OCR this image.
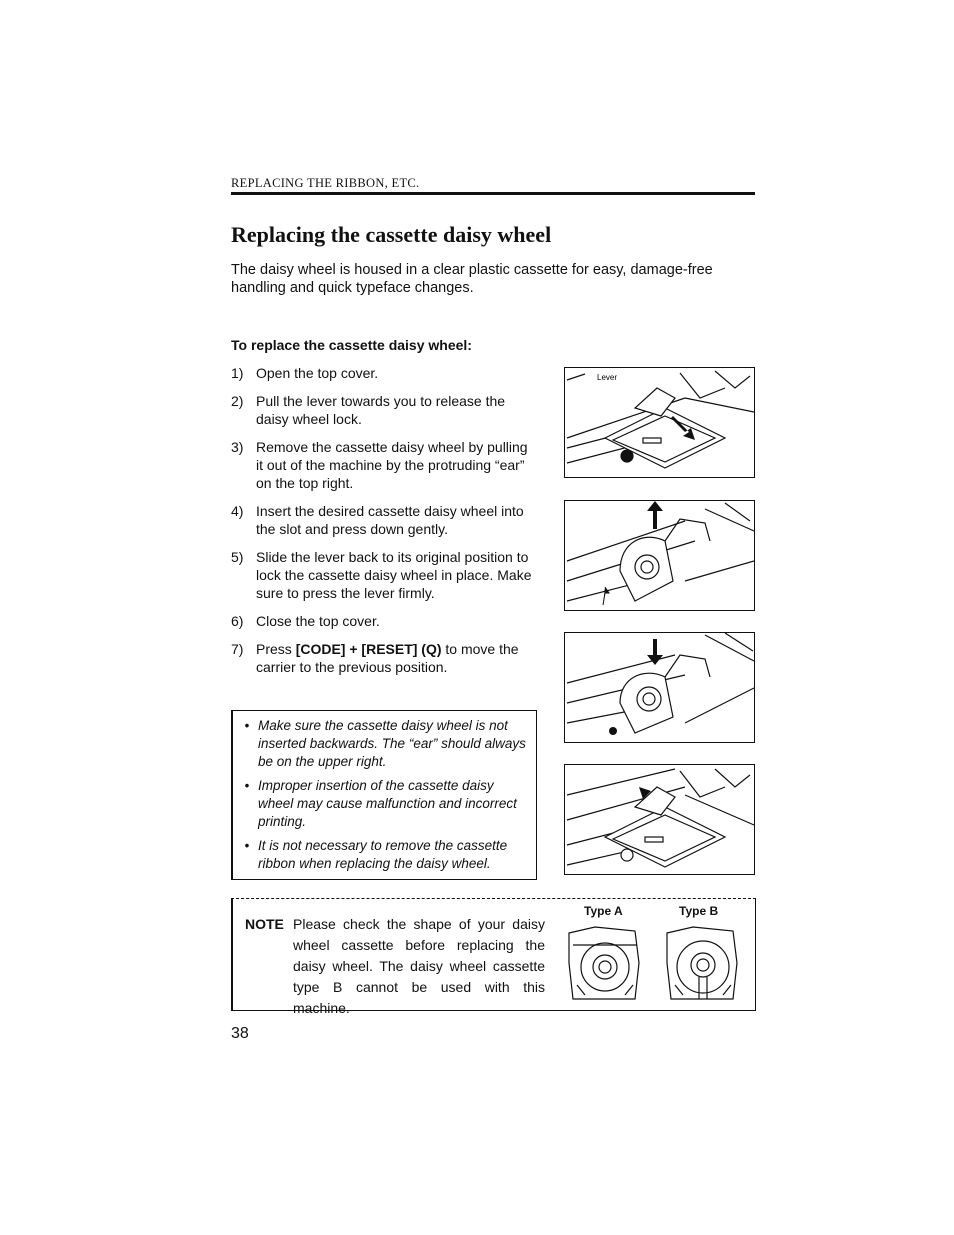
REPLACING THE RIBBON, ETC.
Replacing the cassette daisy wheel
The daisy wheel is housed in a clear plastic cassette for easy, damage-free handling and quick typeface changes.
To replace the cassette daisy wheel:
1) Open the top cover.
2) Pull the lever towards you to release the daisy wheel lock.
3) Remove the cassette daisy wheel by pulling it out of the machine by the protruding “ear” on the top right.
4) Insert the desired cassette daisy wheel into the slot and press down gently.
5) Slide the lever back to its original position to lock the cassette daisy wheel in place. Make sure to press the lever firmly.
6) Close the top cover.
7) Press [CODE] + [RESET] (Q) to move the carrier to the previous position.
• Make sure the cassette daisy wheel is not inserted backwards. The “ear” should always be on the upper right.
• Improper insertion of the cassette daisy wheel may cause malfunction and incorrect printing.
• It is not necessary to remove the cassette ribbon when replacing the daisy wheel.
Lever
NOTE Please check the shape of your daisy wheel cassette before replacing the daisy wheel. The daisy wheel cassette type B cannot be used with this machine.
Type A	Type B
38
